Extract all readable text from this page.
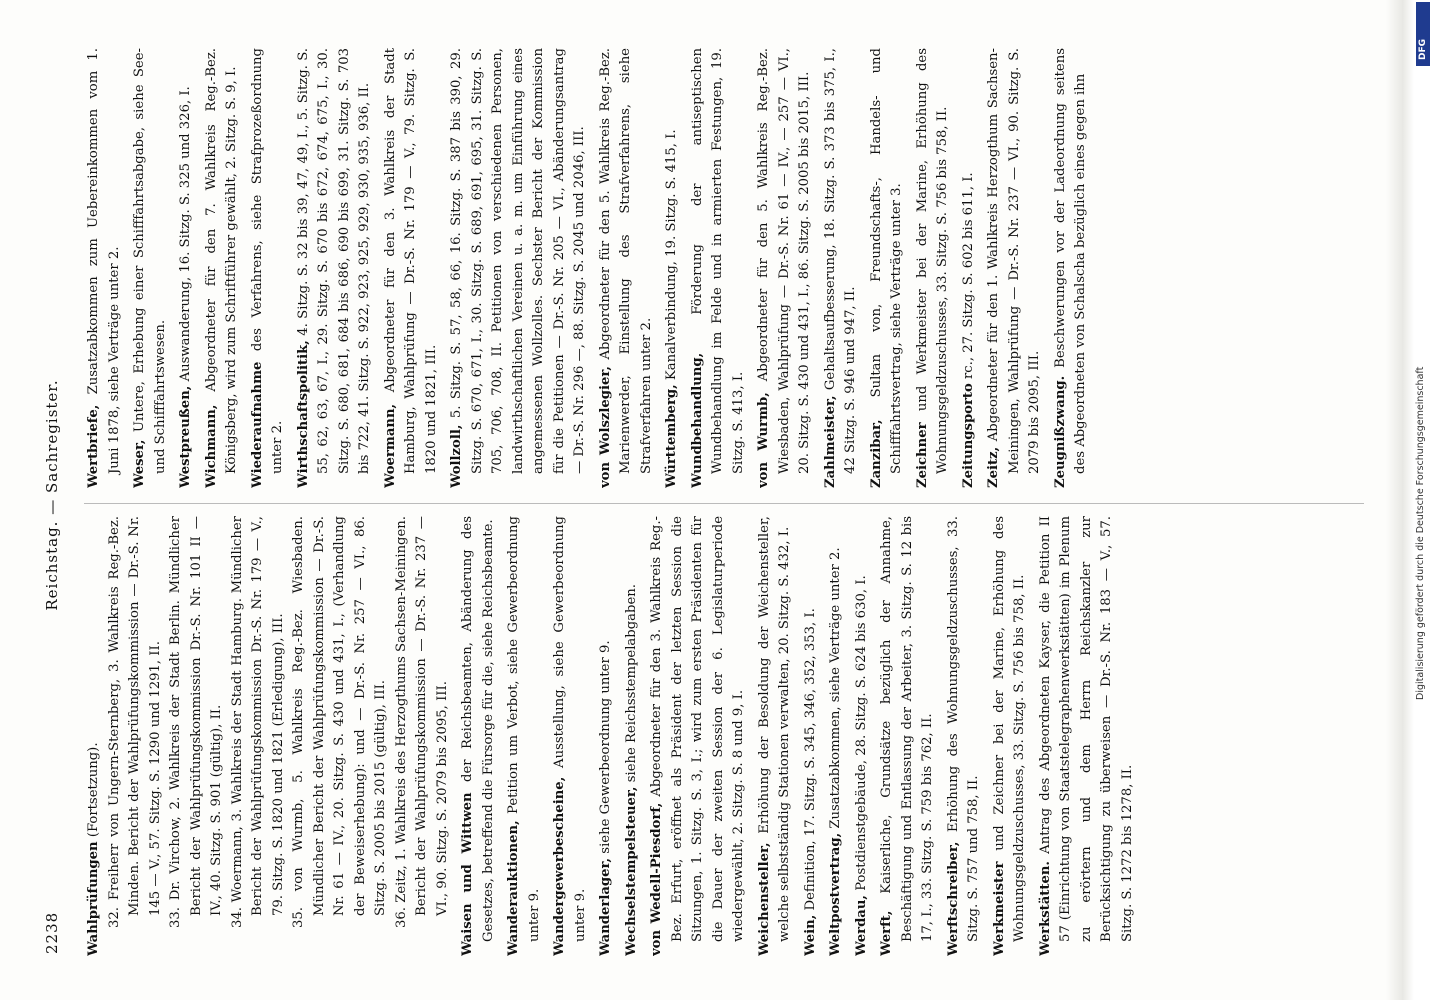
2238
Reichstag. — Sachregister.

Wahlprüfungen (Fortsetzung). 32. Freiherr von Ungern-Sternberg, 3. Wahlkreis Reg.-Bez. Minden. Bericht der Wahlprüfungskommission — Dr.-S. Nr. 145 — V., 57. Sitzg. S. 1290 und 1291, II. 33. Dr. Virchow, 2. Wahlkreis der Stadt Berlin. Mündlicher Bericht der Wahlprüfungskommission Dr.-S. Nr. 101 II — IV., 40. Sitzg. S. 901 (gültig), II. 34. Woermann, 3. Wahlkreis der Stadt Hamburg. Mündlicher Bericht der Wahlprüfungskommission Dr.-S. Nr. 179 — V., 79. Sitzg. S. 1820 und 1821 (Erledigung), III. 35. von Wurmb, 5. Wahlkreis Reg.-Bez. Wiesbaden. Mündlicher Bericht der Wahlprüfungskommission — Dr.-S. Nr. 61 — IV., 20. Sitzg. S. 430 und 431, I., (Verhandlung der Beweiserhebung): und — Dr.-S. Nr. 257 — VI., 86. Sitzg. S. 2005 bis 2015 (gültig), III. 36. Zeitz, 1. Wahlkreis des Herzogthums Sachsen-Meiningen. Bericht der Wahlprüfungskommission — Dr.-S. Nr. 237 — VI., 90. Sitzg. S. 2079 bis 2095, III. Waisen und Wittwen der Reichsbeamten, Abänderung des Gesetzes, betreffend die Fürsorge für die, siehe Reichsbeamte. Wanderauktionen, Petition um Verbot, siehe Gewerbeordnung unter 9. Wandergewerbescheine, Ausstellung, siehe Gewerbeordnung unter 9. Wanderlager, siehe Gewerbeordnung unter 9.

Wechselstempelsteuer, siehe Reichsstempelabgaben.

von Wedell-Piesdorf, Abgeordneter für den 3. Wahlkreis Reg.-Bez. Erfurt, eröffnet als Präsident der letzten Session die Sitzungen, 1. Sitzg. S. 3, I.; wird zum ersten Präsidenten für die Dauer der zweiten Session der 6. Legislaturperiode wiedergewählt, 2. Sitzg. S. 8 und 9, I. Weichensteller, Erhöhung der Besoldung der Weichensteller, welche selbstständig Stationen verwalten, 20. Sitzg. S. 432, I. Wein, Definition, 17. Sitzg. S. 345, 346, 352, 353, I. Weltpostvertrag, Zusatzabkommen, siehe Verträge unter 2.

Werdau, Postdienstgebäude, 28. Sitzg. S. 624 bis 630, I.

Werft, Kaiserliche, Grundsätze bezüglich der Annahme, Beschäftigung und Entlassung der Arbeiter, 3. Sitzg. S. 12 bis 17, I., 33. Sitzg. S. 759 bis 762, II. Werftschreiber, Erhöhung des Wohnungsgeldzuschusses, 33. Sitzg. S. 757 und 758, II. Werkmeister und Zeichner bei der Marine, Erhöhung des Wohnungsgeldzuschusses, 33. Sitzg. S. 756 bis 758, II. Werkstätten. Antrag des Abgeordneten Kayser, die Petition II 57 (Einrichtung von Staatstelegraphenwerkstätten) im Plenum zu erörtern und dem Herrn Reichskanzler zur Berücksichtigung zu überweisen — Dr.-S. Nr. 183 — V., 57. Sitzg. S. 1272 bis 1278, II.

Wertbriefe, Zusatzabkommen zum Uebereinkommen vom 1. Juni 1878, siehe Verträge unter 2. Weser, Untere, Erhebung einer Schifffahrtsabgabe, siehe See- und Schifffahrtswesen. Westpreußen, Auswanderung, 16. Sitzg. S. 325 und 326, I.

Wichmann, Abgeordneter für den 7. Wahlkreis Reg.-Bez. Königsberg, wird zum Schriftführer gewählt, 2. Sitzg. S. 9, I. Wiederaufnahme des Verfahrens, siehe Strafprozeßordnung unter 2. Wirthschaftspolitik, 4. Sitzg. S. 32 bis 39, 47, 49, I., 5. Sitzg. S. 55, 62, 63, 67, I., 29. Sitzg. S. 670 bis 672, 674, 675, I., 30. Sitzg. S. 680, 681, 684 bis 686, 690 bis 699, 31. Sitzg. S. 703 bis 722, 41. Sitzg. S. 922, 923, 925, 929, 930, 935, 936, II. Woermann, Abgeordneter für den 3. Wahlkreis der Stadt Hamburg, Wahlprüfung — Dr.-S. Nr. 179 — V., 79. Sitzg. S. 1820 und 1821, III. Wollzoll, 5. Sitzg. S. 57, 58, 66, 16. Sitzg. S. 387 bis 390, 29. Sitzg. S. 670, 671, I., 30. Sitzg. S. 689, 691, 695, 31. Sitzg. S. 705, 706, 708, II. Petitionen von verschiedenen Personen, landwirthschaftlichen Vereinen u. a. m. um Einführung eines angemessenen Wollzolles. Sechster Bericht der Kommission für die Petitionen — Dr.-S. Nr. 205 — VI., Abänderungsantrag — Dr.-S. Nr. 296 —, 88. Sitzg. S. 2045 und 2046, III. von Wolszlegier, Abgeordneter für den 5. Wahlkreis Reg.-Bez. Marienwerder, Einstellung des Strafverfahrens, siehe Strafverfahren unter 2. Württemberg, Kanalverbindung, 19. Sitzg. S. 415, I.

Wundbehandlung, Förderung der antiseptischen Wundbehandlung im Felde und in armierten Festungen, 19. Sitzg. S. 413, I. von Wurmb, Abgeordneter für den 5. Wahlkreis Reg.-Bez. Wiesbaden, Wahlprüfung — Dr.-S. Nr. 61 — IV., — 257 — VI., 20. Sitzg. S. 430 und 431, I., 86. Sitzg. S. 2005 bis 2015, III. Zahlmeister, Gehaltsaufbesserung, 18. Sitzg. S. 373 bis 375, I., 42 Sitzg. S. 946 und 947, II. Zanzibar, Sultan von, Freundschafts-, Handels- und Schifffahrtsvertrag, siehe Verträge unter 3. Zeichner und Werkmeister bei der Marine, Erhöhung des Wohnungsgeldzuschusses, 33. Sitzg. S. 756 bis 758, II. Zeitungsporto rc., 27. Sitzg. S. 602 bis 611, I.

Zeitz, Abgeordneter für den 1. Wahlkreis Herzogthum Sachsen-Meiningen, Wahlprüfung — Dr.-S. Nr. 237 — VI., 90. Sitzg. S. 2079 bis 2095, III. Zeugnißzwang. Beschwerungen vor der Ladeordnung seitens des Abgeordneten von Schalscha bezüglich eines gegen ihn

DFG
Digitalisierung gefördert durch die Deutsche Forschungsgemeinschaft
